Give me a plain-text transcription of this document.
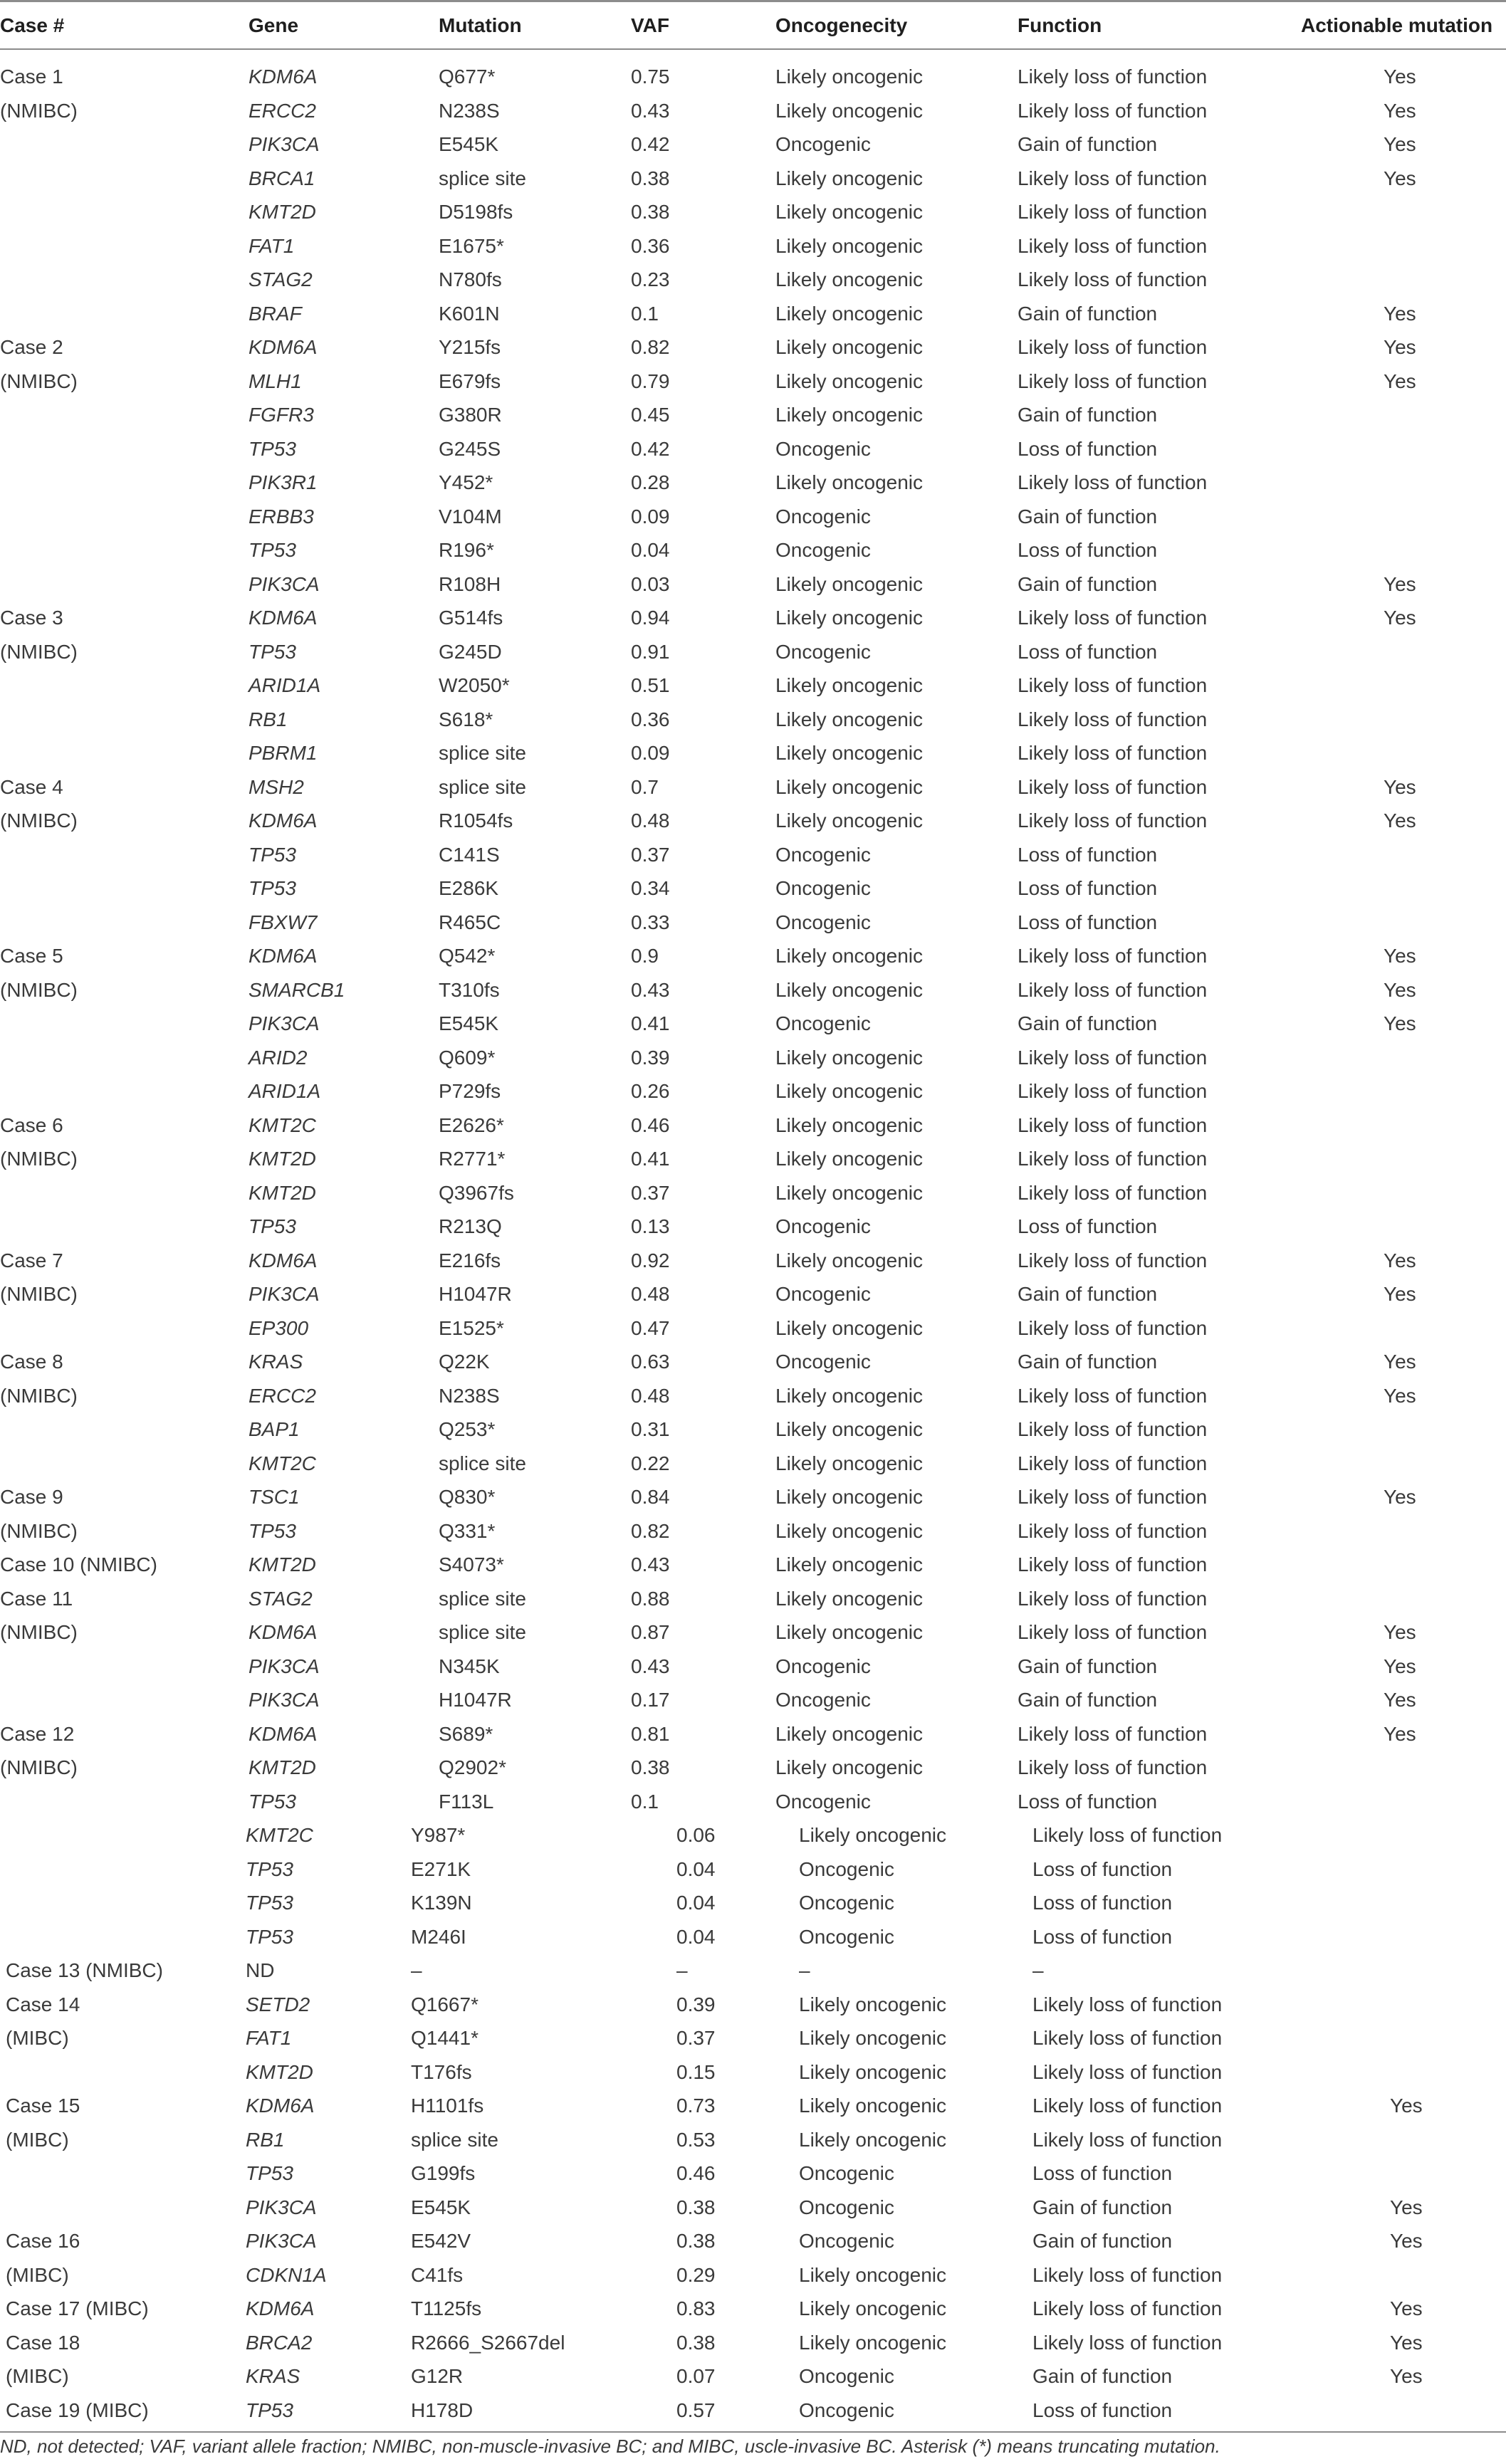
Case #	Gene	Mutation	VAF	Oncogenecity	Function	Actionable mutation
Case 1	KDM6A	Q677*	0.75	Likely oncogenic	Likely loss of function	Yes
(NMIBC)	ERCC2	N238S	0.43	Likely oncogenic	Likely loss of function	Yes
PIK3CA	E545K	0.42	Oncogenic	Gain of function	Yes
BRCA1	splice site	0.38	Likely oncogenic	Likely loss of function	Yes
KMT2D	D5198fs	0.38	Likely oncogenic	Likely loss of function
FAT1	E1675*	0.36	Likely oncogenic	Likely loss of function
STAG2	N780fs	0.23	Likely oncogenic	Likely loss of function
BRAF	K601N	0.1	Likely oncogenic	Gain of function	Yes
Case 2	KDM6A	Y215fs	0.82	Likely oncogenic	Likely loss of function	Yes
(NMIBC)	MLH1	E679fs	0.79	Likely oncogenic	Likely loss of function	Yes
FGFR3	G380R	0.45	Likely oncogenic	Gain of function
TP53	G245S	0.42	Oncogenic	Loss of function
PIK3R1	Y452*	0.28	Likely oncogenic	Likely loss of function
ERBB3	V104M	0.09	Oncogenic	Gain of function
TP53	R196*	0.04	Oncogenic	Loss of function
PIK3CA	R108H	0.03	Likely oncogenic	Gain of function	Yes
Case 3	KDM6A	G514fs	0.94	Likely oncogenic	Likely loss of function	Yes
(NMIBC)	TP53	G245D	0.91	Oncogenic	Loss of function
ARID1A	W2050*	0.51	Likely oncogenic	Likely loss of function
RB1	S618*	0.36	Likely oncogenic	Likely loss of function
PBRM1	splice site	0.09	Likely oncogenic	Likely loss of function
Case 4	MSH2	splice site	0.7	Likely oncogenic	Likely loss of function	Yes
(NMIBC)	KDM6A	R1054fs	0.48	Likely oncogenic	Likely loss of function	Yes
TP53	C141S	0.37	Oncogenic	Loss of function
TP53	E286K	0.34	Oncogenic	Loss of function
FBXW7	R465C	0.33	Oncogenic	Loss of function
Case 5	KDM6A	Q542*	0.9	Likely oncogenic	Likely loss of function	Yes
(NMIBC)	SMARCB1	T310fs	0.43	Likely oncogenic	Likely loss of function	Yes
PIK3CA	E545K	0.41	Oncogenic	Gain of function	Yes
ARID2	Q609*	0.39	Likely oncogenic	Likely loss of function
ARID1A	P729fs	0.26	Likely oncogenic	Likely loss of function
Case 6	KMT2C	E2626*	0.46	Likely oncogenic	Likely loss of function
(NMIBC)	KMT2D	R2771*	0.41	Likely oncogenic	Likely loss of function
KMT2D	Q3967fs	0.37	Likely oncogenic	Likely loss of function
TP53	R213Q	0.13	Oncogenic	Loss of function
Case 7	KDM6A	E216fs	0.92	Likely oncogenic	Likely loss of function	Yes
(NMIBC)	PIK3CA	H1047R	0.48	Oncogenic	Gain of function	Yes
EP300	E1525*	0.47	Likely oncogenic	Likely loss of function
Case 8	KRAS	Q22K	0.63	Oncogenic	Gain of function	Yes
(NMIBC)	ERCC2	N238S	0.48	Likely oncogenic	Likely loss of function	Yes
BAP1	Q253*	0.31	Likely oncogenic	Likely loss of function
KMT2C	splice site	0.22	Likely oncogenic	Likely loss of function
Case 9	TSC1	Q830*	0.84	Likely oncogenic	Likely loss of function	Yes
(NMIBC)	TP53	Q331*	0.82	Likely oncogenic	Likely loss of function
Case 10 (NMIBC)	KMT2D	S4073*	0.43	Likely oncogenic	Likely loss of function
Case 11	STAG2	splice site	0.88	Likely oncogenic	Likely loss of function
(NMIBC)	KDM6A	splice site	0.87	Likely oncogenic	Likely loss of function	Yes
PIK3CA	N345K	0.43	Oncogenic	Gain of function	Yes
PIK3CA	H1047R	0.17	Oncogenic	Gain of function	Yes
Case 12	KDM6A	S689*	0.81	Likely oncogenic	Likely loss of function	Yes
(NMIBC)	KMT2D	Q2902*	0.38	Likely oncogenic	Likely loss of function
TP53	F113L	0.1	Oncogenic	Loss of function
KMT2C	Y987*	0.06	Likely oncogenic	Likely loss of function
TP53	E271K	0.04	Oncogenic	Loss of function
TP53	K139N	0.04	Oncogenic	Loss of function
TP53	M246I	0.04	Oncogenic	Loss of function
Case 13 (NMIBC)	ND	–	–	–	–
Case 14	SETD2	Q1667*	0.39	Likely oncogenic	Likely loss of function
(MIBC)	FAT1	Q1441*	0.37	Likely oncogenic	Likely loss of function
KMT2D	T176fs	0.15	Likely oncogenic	Likely loss of function
Case 15	KDM6A	H1101fs	0.73	Likely oncogenic	Likely loss of function	Yes
(MIBC)	RB1	splice site	0.53	Likely oncogenic	Likely loss of function
TP53	G199fs	0.46	Oncogenic	Loss of function
PIK3CA	E545K	0.38	Oncogenic	Gain of function	Yes
Case 16	PIK3CA	E542V	0.38	Oncogenic	Gain of function	Yes
(MIBC)	CDKN1A	C41fs	0.29	Likely oncogenic	Likely loss of function
Case 17 (MIBC)	KDM6A	T1125fs	0.83	Likely oncogenic	Likely loss of function	Yes
Case 18	BRCA2	R2666_S2667del	0.38	Likely oncogenic	Likely loss of function	Yes
(MIBC)	KRAS	G12R	0.07	Oncogenic	Gain of function	Yes
Case 19 (MIBC)	TP53	H178D	0.57	Oncogenic	Loss of function
ND, not detected; VAF, variant allele fraction; NMIBC, non-muscle-invasive BC; and MIBC, uscle-invasive BC. Asterisk (*) means truncating mutation.
